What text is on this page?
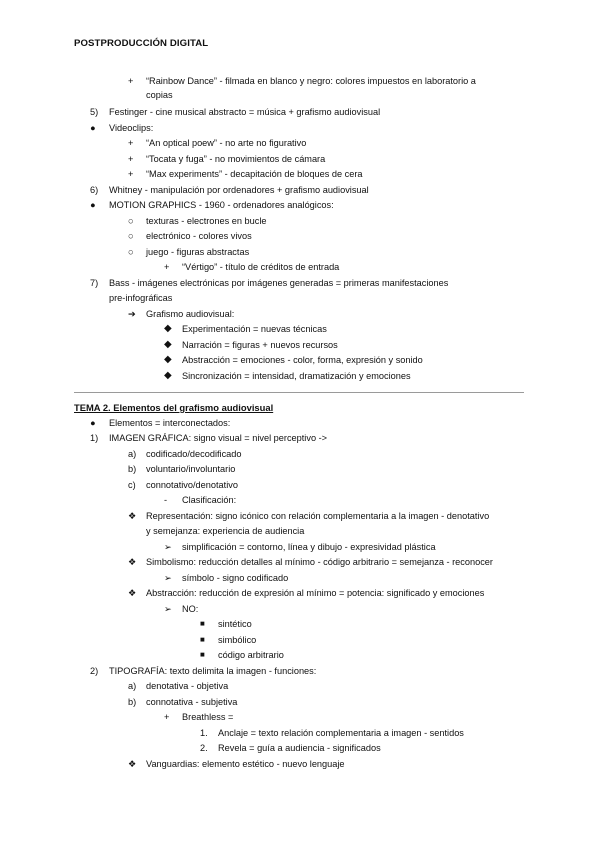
POSTPRODUCCIÓN DIGITAL
+ “Rainbow Dance” - filmada en blanco y negro: colores impuestos en laboratorio a
copias
5) Festinger - cine musical abstracto = música + grafismo audiovisual
● Videoclips:
+ “An optical poew” - no arte no figurativo
+ “Tocata y fuga” - no movimientos de cámara
+ “Max experiments” - decapitación de bloques de cera
6) Whitney - manipulación por ordenadores + grafismo audiovisual
● MOTION GRAPHICS - 1960 - ordenadores analógicos:
○ texturas - electrones en bucle
○ electrónico - colores vivos
○ juego - figuras abstractas
+ “Vértigo” - título de créditos de entrada
7) Bass - imágenes electrónicas por imágenes generadas = primeras manifestaciones
pre-infográficas
➔ Grafismo audiovisual:
◆ Experimentación = nuevas técnicas
◆ Narración = figuras + nuevos recursos
◆ Abstracción = emociones - color, forma, expresión y sonido
◆ Sincronización = intensidad, dramatización y emociones
TEMA 2. Elementos del grafismo audiovisual
● Elementos = interconectados:
1) IMAGEN GRÁFICA: signo visual = nivel perceptivo ->
a) codificado/decodificado
b) voluntario/involuntario
c) connotativo/denotativo
- Clasificación:
❖ Representación: signo icónico con relación complementaria a la imagen - denotativo
y semejanza: experiencia de audiencia
➢ simplificación = contorno, línea y dibujo - expresividad plástica
❖ Simbolismo: reducción detalles al mínimo - código arbitrario = semejanza - reconocer
➢ símbolo - signo codificado
❖ Abstracción: reducción de expresión al mínimo = potencia: significado y emociones
➢ NO:
■ sintético
■ simbólico
■ código arbitrario
2) TIPOGRAFÍA: texto delimita la imagen - funciones:
a) denotativa - objetiva
b) connotativa - subjetiva
+ Breathless =
1. Anclaje = texto relación complementaria a imagen - sentidos
2. Revela = guía a audiencia - significados
❖ Vanguardias: elemento estético - nuevo lenguaje
